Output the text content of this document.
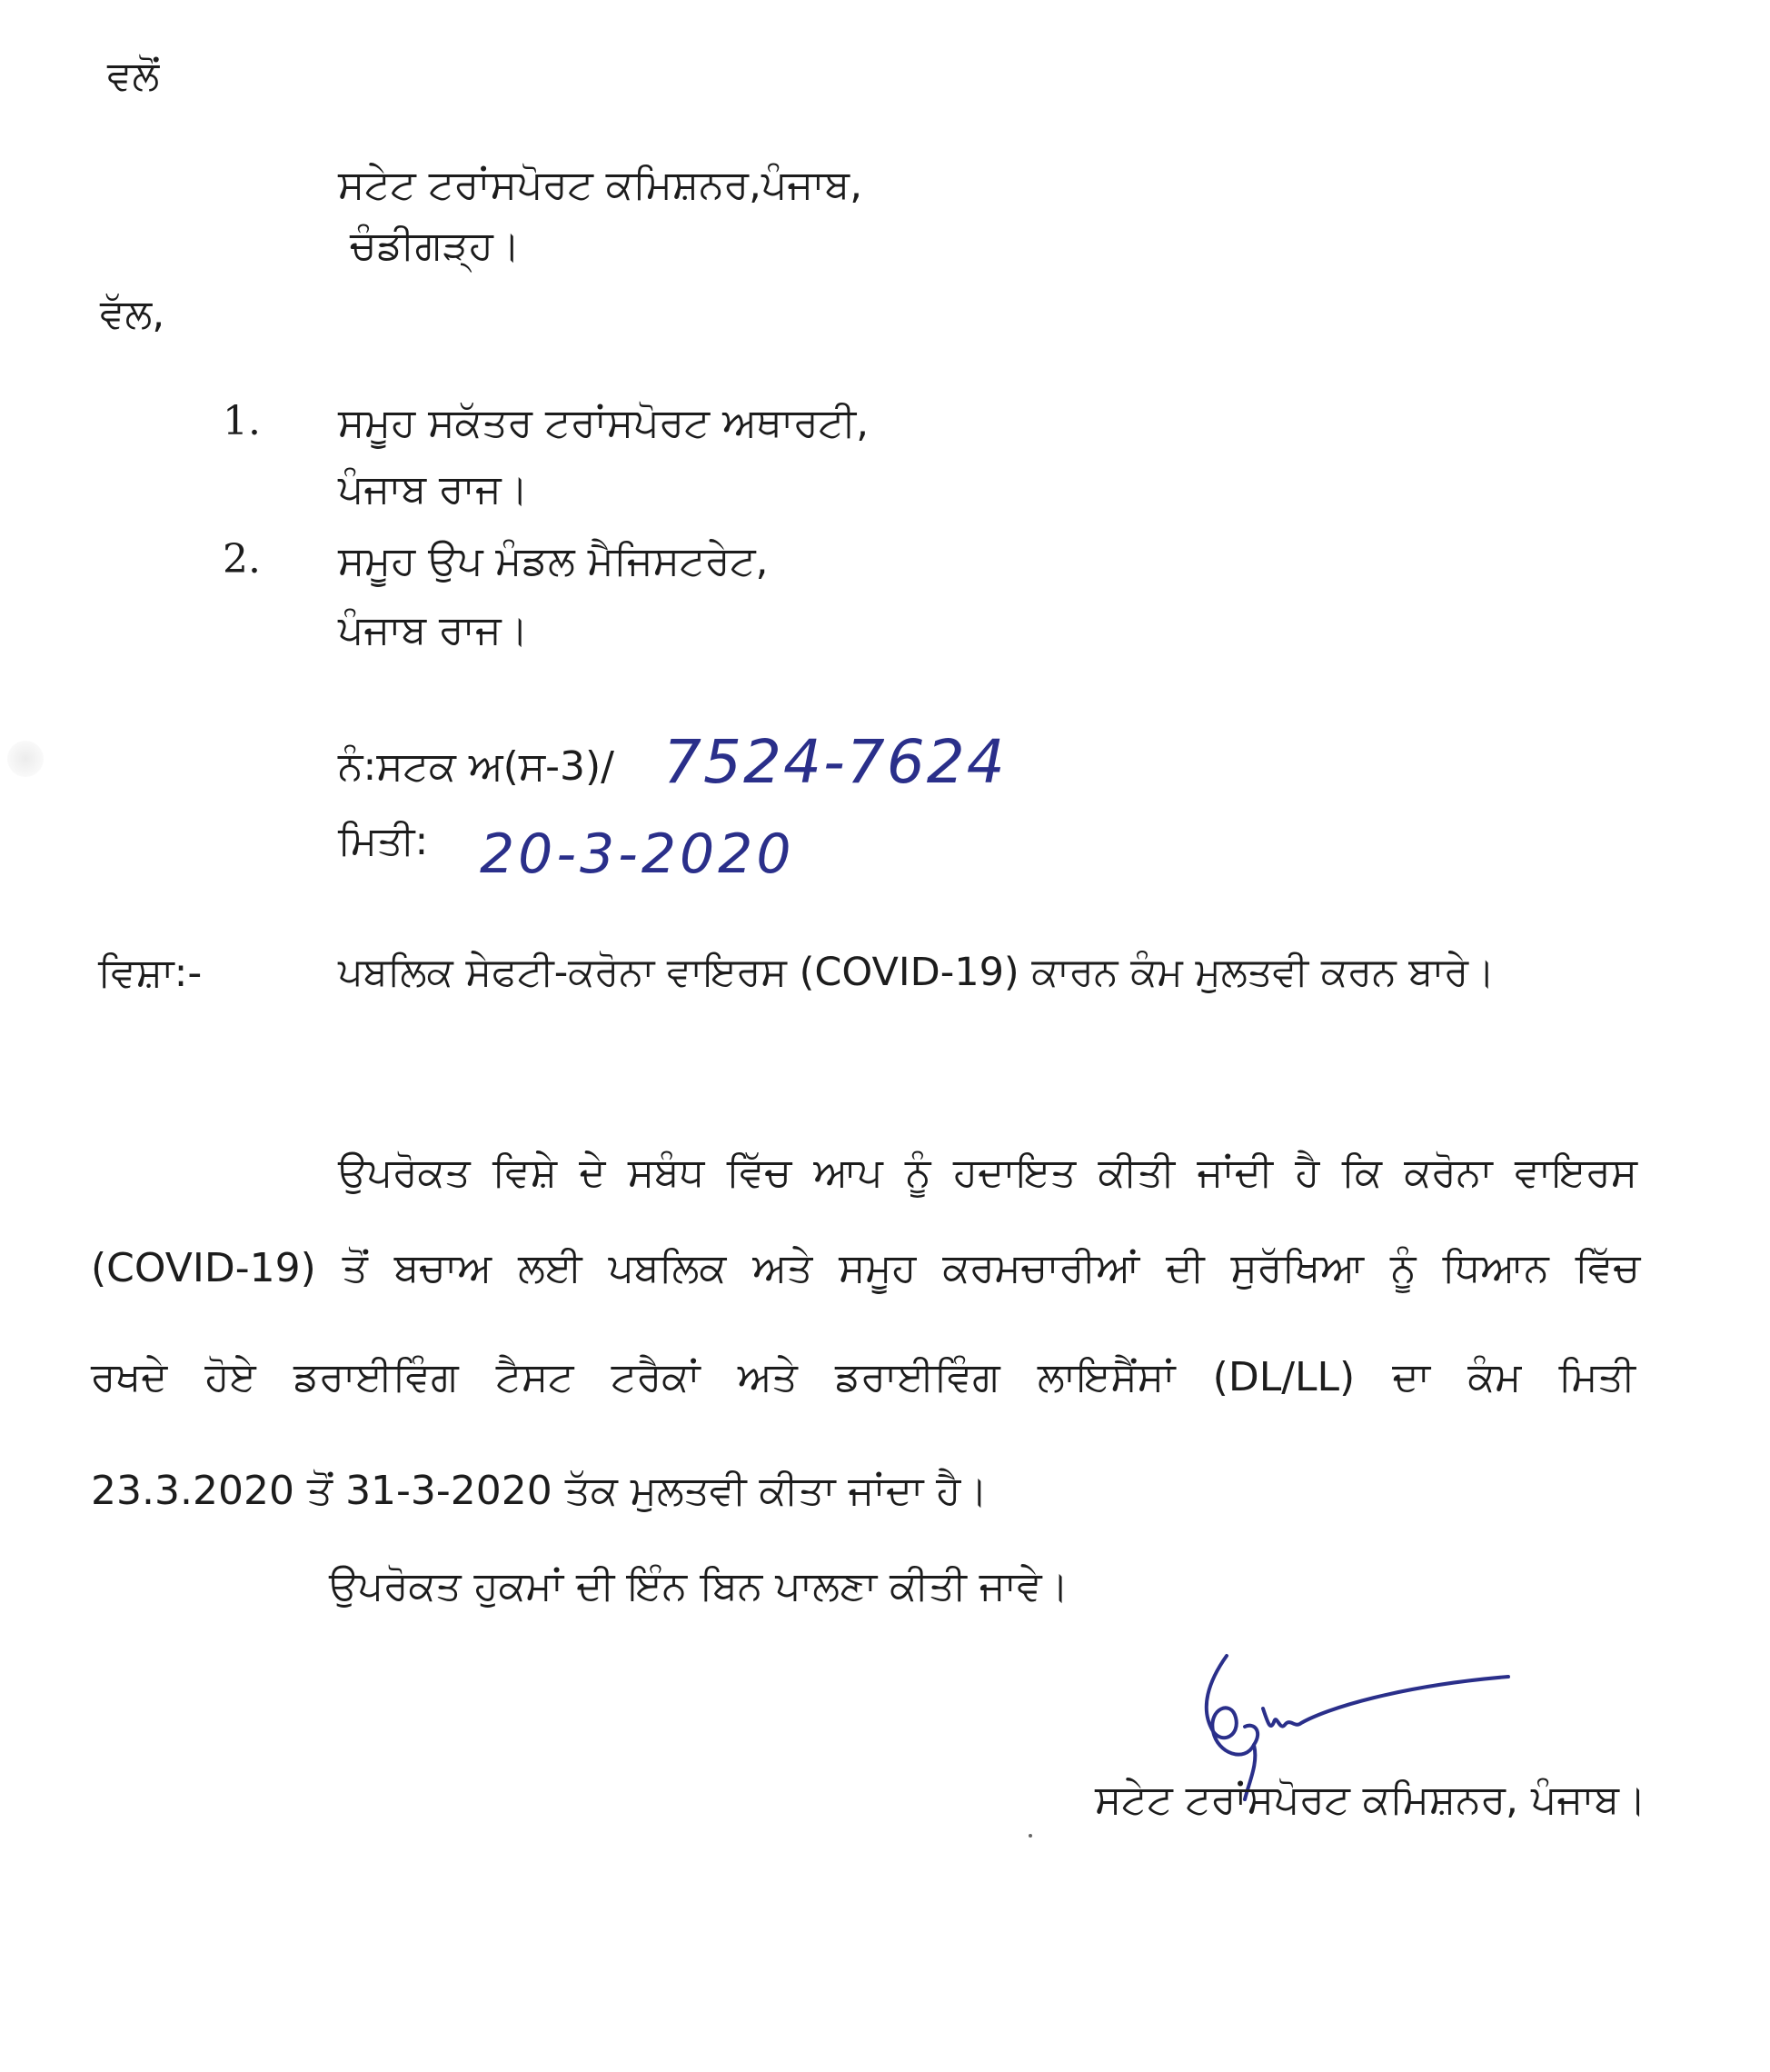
ਵਲੋਂ
ਸਟੇਟ ਟਰਾਂਸਪੋਰਟ ਕਮਿਸ਼ਨਰ,ਪੰਜਾਬ,
ਚੰਡੀਗੜ੍ਹ।
ਵੱਲ,
1. ਸਮੂਹ ਸਕੱਤਰ ਟਰਾਂਸਪੋਰਟ ਅਥਾਰਟੀ,
ਪੰਜਾਬ ਰਾਜ।
2. ਸਮੂਹ ਉਪ ਮੰਡਲ ਮੈਜਿਸਟਰੇਟ,
ਪੰਜਾਬ ਰਾਜ।
ਨੰ:ਸਟਕ ਅ(ਸ-3)/ 7524-7624
ਮਿਤੀ: 20-3-2020
ਵਿਸ਼ਾ:-	ਪਬਲਿਕ ਸੇਫਟੀ-ਕਰੋਨਾ ਵਾਇਰਸ (COVID-19) ਕਾਰਨ ਕੰਮ ਮੁਲਤਵੀ ਕਰਨ ਬਾਰੇ।
ਉਪਰੋਕਤ ਵਿਸ਼ੇ ਦੇ ਸਬੰਧ ਵਿੱਚ ਆਪ ਨੂੰ ਹਦਾਇਤ ਕੀਤੀ ਜਾਂਦੀ ਹੈ ਕਿ ਕਰੋਨਾ ਵਾਇਰਸ
(COVID-19) ਤੋਂ ਬਚਾਅ ਲਈ ਪਬਲਿਕ ਅਤੇ ਸਮੂਹ ਕਰਮਚਾਰੀਆਂ ਦੀ ਸੁਰੱਖਿਆ ਨੂੰ ਧਿਆਨ ਵਿੱਚ
ਰਖਦੇ ਹੋਏ ਡਰਾਈਵਿੰਗ ਟੈਸਟ ਟਰੈਕਾਂ ਅਤੇ ਡਰਾਈਵਿੰਗ ਲਾਇਸੈਂਸਾਂ (DL/LL) ਦਾ ਕੰਮ ਮਿਤੀ
23.3.2020 ਤੋਂ 31-3-2020 ਤੱਕ ਮੁਲਤਵੀ ਕੀਤਾ ਜਾਂਦਾ ਹੈ।
ਉਪਰੋਕਤ ਹੁਕਮਾਂ ਦੀ ਇੰਨ ਬਿਨ ਪਾਲਣਾ ਕੀਤੀ ਜਾਵੇ।
ਸਟੇਟ ਟਰਾਂਸਪੋਰਟ ਕਮਿਸ਼ਨਰ, ਪੰਜਾਬ।
